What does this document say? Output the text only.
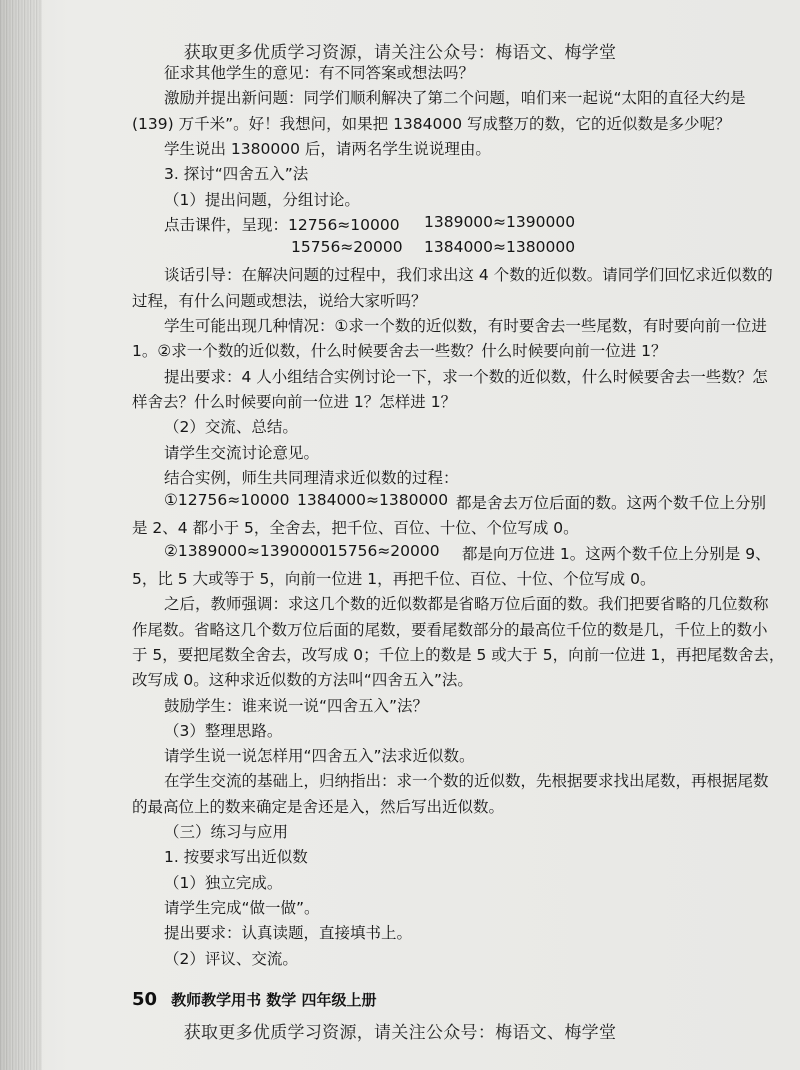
获取更多优质学习资源，请关注公众号：梅语文、梅学堂
征求其他学生的意见：有不同答案或想法吗？
激励并提出新问题：同学们顺利解决了第二个问题，咱们来一起说“太阳的直径大约是
(139) 万千米”。好！我想问，如果把 1384000 写成整万的数，它的近似数是多少呢？
学生说出 1380000 后，请两名学生说说理由。
3. 探讨“四舍五入”法
（1）提出问题，分组讨论。
点击课件，呈现：12756≈10000 1389000≈1390000
15756≈20000 1384000≈1380000
谈话引导：在解决问题的过程中，我们求出这 4 个数的近似数。请同学们回忆求近似数的
过程，有什么问题或想法，说给大家听吗？
学生可能出现几种情况：①求一个数的近似数，有时要舍去一些尾数，有时要向前一位进
1。②求一个数的近似数，什么时候要舍去一些数？什么时候要向前一位进 1？
提出要求：4 人小组结合实例讨论一下，求一个数的近似数，什么时候要舍去一些数？怎
样舍去？什么时候要向前一位进 1？怎样进 1？
（2）交流、总结。
请学生交流讨论意见。
结合实例，师生共同理清求近似数的过程：
①12756≈10000 1384000≈1380000 都是舍去万位后面的数。这两个数千位上分别
是 2、4 都小于 5，全舍去，把千位、百位、十位、个位写成 0。
②1389000≈1390000 15756≈20000 都是向万位进 1。这两个数千位上分别是 9、
5，比 5 大或等于 5，向前一位进 1，再把千位、百位、十位、个位写成 0。
之后，教师强调：求这几个数的近似数都是省略万位后面的数。我们把要省略的几位数称
作尾数。省略这几个数万位后面的尾数，要看尾数部分的最高位千位的数是几，千位上的数小
于 5，要把尾数全舍去，改写成 0；千位上的数是 5 或大于 5，向前一位进 1，再把尾数舍去，
改写成 0。这种求近似数的方法叫“四舍五入”法。
鼓励学生：谁来说一说“四舍五入”法？
（3）整理思路。
请学生说一说怎样用“四舍五入”法求近似数。
在学生交流的基础上，归纳指出：求一个数的近似数，先根据要求找出尾数，再根据尾数
的最高位上的数来确定是舍还是入，然后写出近似数。
（三）练习与应用
1. 按要求写出近似数
（1）独立完成。
请学生完成“做一做”。
提出要求：认真读题，直接填书上。
（2）评议、交流。
50 教师教学用书 数学 四年级上册
获取更多优质学习资源，请关注公众号：梅语文、梅学堂
